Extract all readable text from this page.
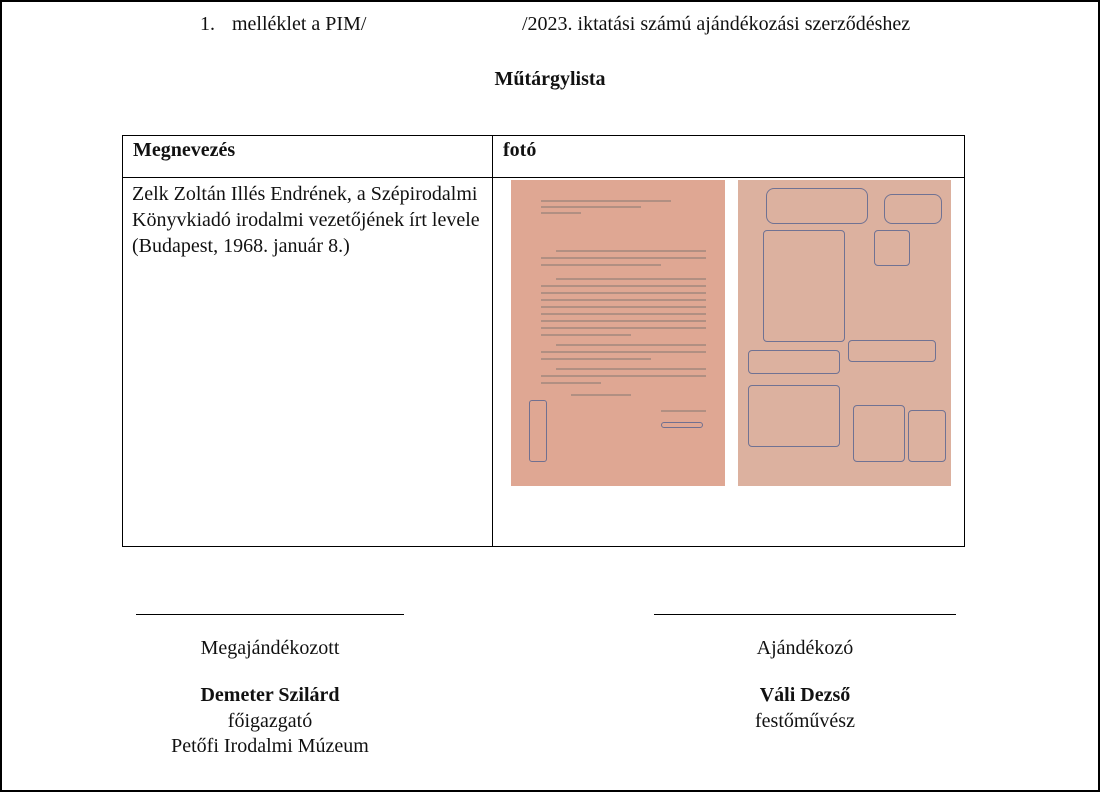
1. melléklet a PIM/	/2023. iktatási számú ajándékozási szerződéshez
Műtárgylista
Megnevezés	fotó
Zelk Zoltán Illés Endrének, a Szépirodalmi Könyvkiadó irodalmi vezetőjének írt levele (Budapest, 1968. január 8.)	
Megajándékozott
Demeter Szilárd
főigazgató
Petőfi Irodalmi Múzeum
Ajándékozó
Váli Dezső
festőművész
